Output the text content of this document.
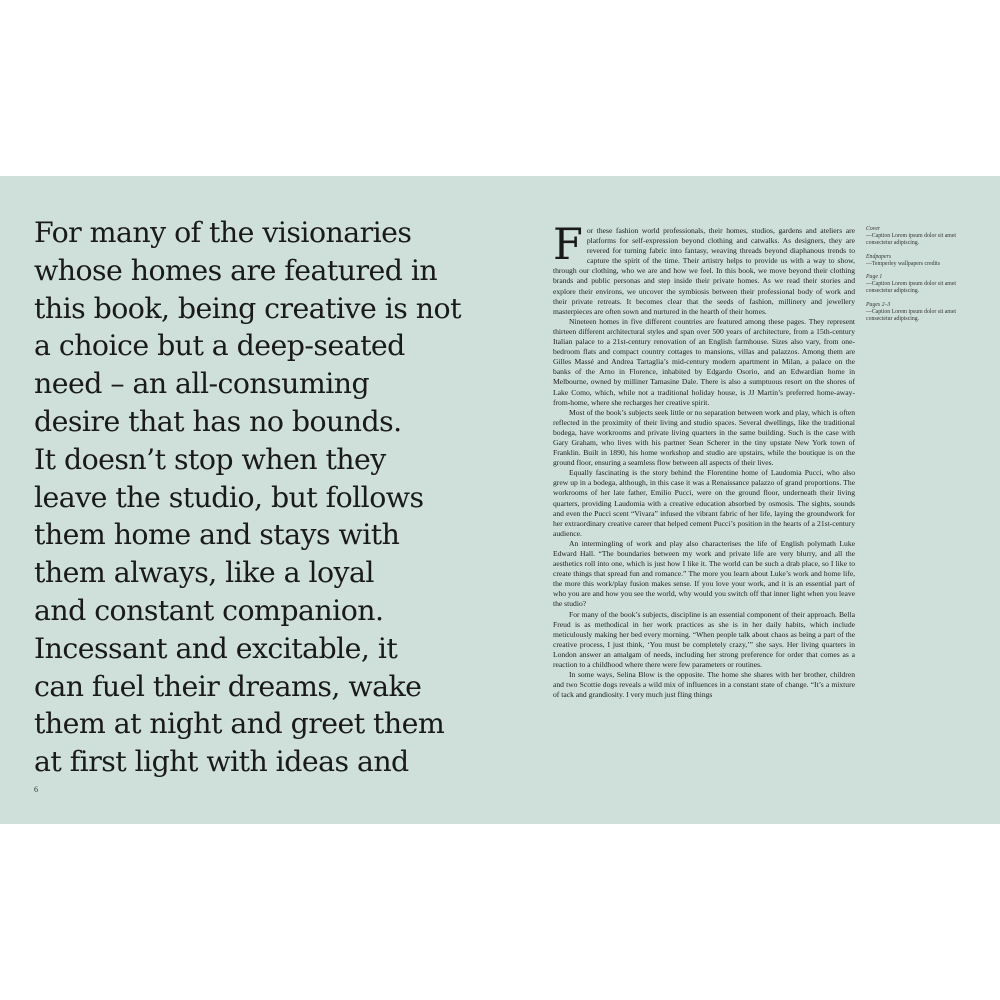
For many of the visionaries
whose homes are featured in
this book, being creative is not
a choice but a deep-seated
need – an all-consuming
desire that has no bounds.
It doesn’t stop when they
leave the studio, but follows
them home and stays with
them always, like a loyal
and constant companion.
Incessant and excitable, it
can fuel their dreams, wake
them at night and greet them
at first light with ideas and
6

For these fashion world professionals, their homes, studios, gardens and ateliers are platforms for self-expression beyond clothing and catwalks. As designers, they are revered for turning fabric into fantasy, weaving threads beyond diaphanous trends to capture the spirit of the time. Their artistry helps to provide us with a way to show, through our clothing, who we are and how we feel. In this book, we move beyond their clothing brands and public personas and step inside their private homes. As we read their stories and explore their environs, we uncover the symbiosis between their professional body of work and their private retreats. It becomes clear that the seeds of fashion, millinery and jewellery masterpieces are often sown and nurtured in the hearth of their homes.

Nineteen homes in five different countries are featured among these pages. They represent thirteen different architectural styles and span over 500 years of architecture, from a 15th-century Italian palace to a 21st-century renovation of an English farmhouse. Sizes also vary, from one-bedroom flats and compact country cottages to mansions, villas and palazzos. Among them are Gilles Massé and Andrea Tartaglia’s mid-century modern apartment in Milan, a palace on the banks of the Arno in Florence, inhabited by Edgardo Osorio, and an Edwardian home in Melbourne, owned by milliner Tamasine Dale. There is also a sumptuous resort on the shores of Lake Como, which, while not a traditional holiday house, is JJ Martin’s preferred home-away-from-home, where she recharges her creative spirit.

Most of the book’s subjects seek little or no separation between work and play, which is often reflected in the proximity of their living and studio spaces. Several dwellings, like the traditional bodega, have workrooms and private living quarters in the same building. Such is the case with Gary Graham, who lives with his partner Sean Scherer in the tiny upstate New York town of Franklin. Built in 1890, his home workshop and studio are upstairs, while the boutique is on the ground floor, ensuring a seamless flow between all aspects of their lives.

Equally fascinating is the story behind the Florentine home of Laudomia Pucci, who also grew up in a bodega, although, in this case it was a Renaissance palazzo of grand proportions. The workrooms of her late father, Emilio Pucci, were on the ground floor, underneath their living quarters, providing Laudomia with a creative education absorbed by osmosis. The sights, sounds and even the Pucci scent “Vivara” infused the vibrant fabric of her life, laying the groundwork for her extraordinary creative career that helped cement Pucci’s position in the hearts of a 21st-century audience.

An intermingling of work and play also characterises the life of English polymath Luke Edward Hall. “The boundaries between my work and private life are very blurry, and all the aesthetics roll into one, which is just how I like it. The world can be such a drab place, so I like to create things that spread fun and romance.” The more you learn about Luke’s work and home life, the more this work/play fusion makes sense. If you love your work, and it is an essential part of who you are and how you see the world, why would you switch off that inner light when you leave the studio?

For many of the book’s subjects, discipline is an essential component of their approach. Bella Freud is as methodical in her work practices as she is in her daily habits, which include meticulously making her bed every morning. “When people talk about chaos as being a part of the creative process, I just think, ‘You must be completely crazy,’” she says. Her living quarters in London answer an amalgam of needs, including her strong preference for order that comes as a reaction to a childhood where there were few parameters or routines.

In some ways, Selina Blow is the opposite. The home she shares with her brother, children and two Scottie dogs reveals a wild mix of influences in a constant state of change. “It’s a mixture of tack and grandiosity. I very much just fling things

Cover
—Caption Lorem ipsum dolor sit amet consectetur adipiscing.
Endpapers
—Temperley wallpapers credits
Page 1
—Caption Lorem ipsum dolor sit amet consectetur adipiscing.
Pages 2–3
—Caption Lorem ipsum dolor sit amet consectetur adipiscing.
